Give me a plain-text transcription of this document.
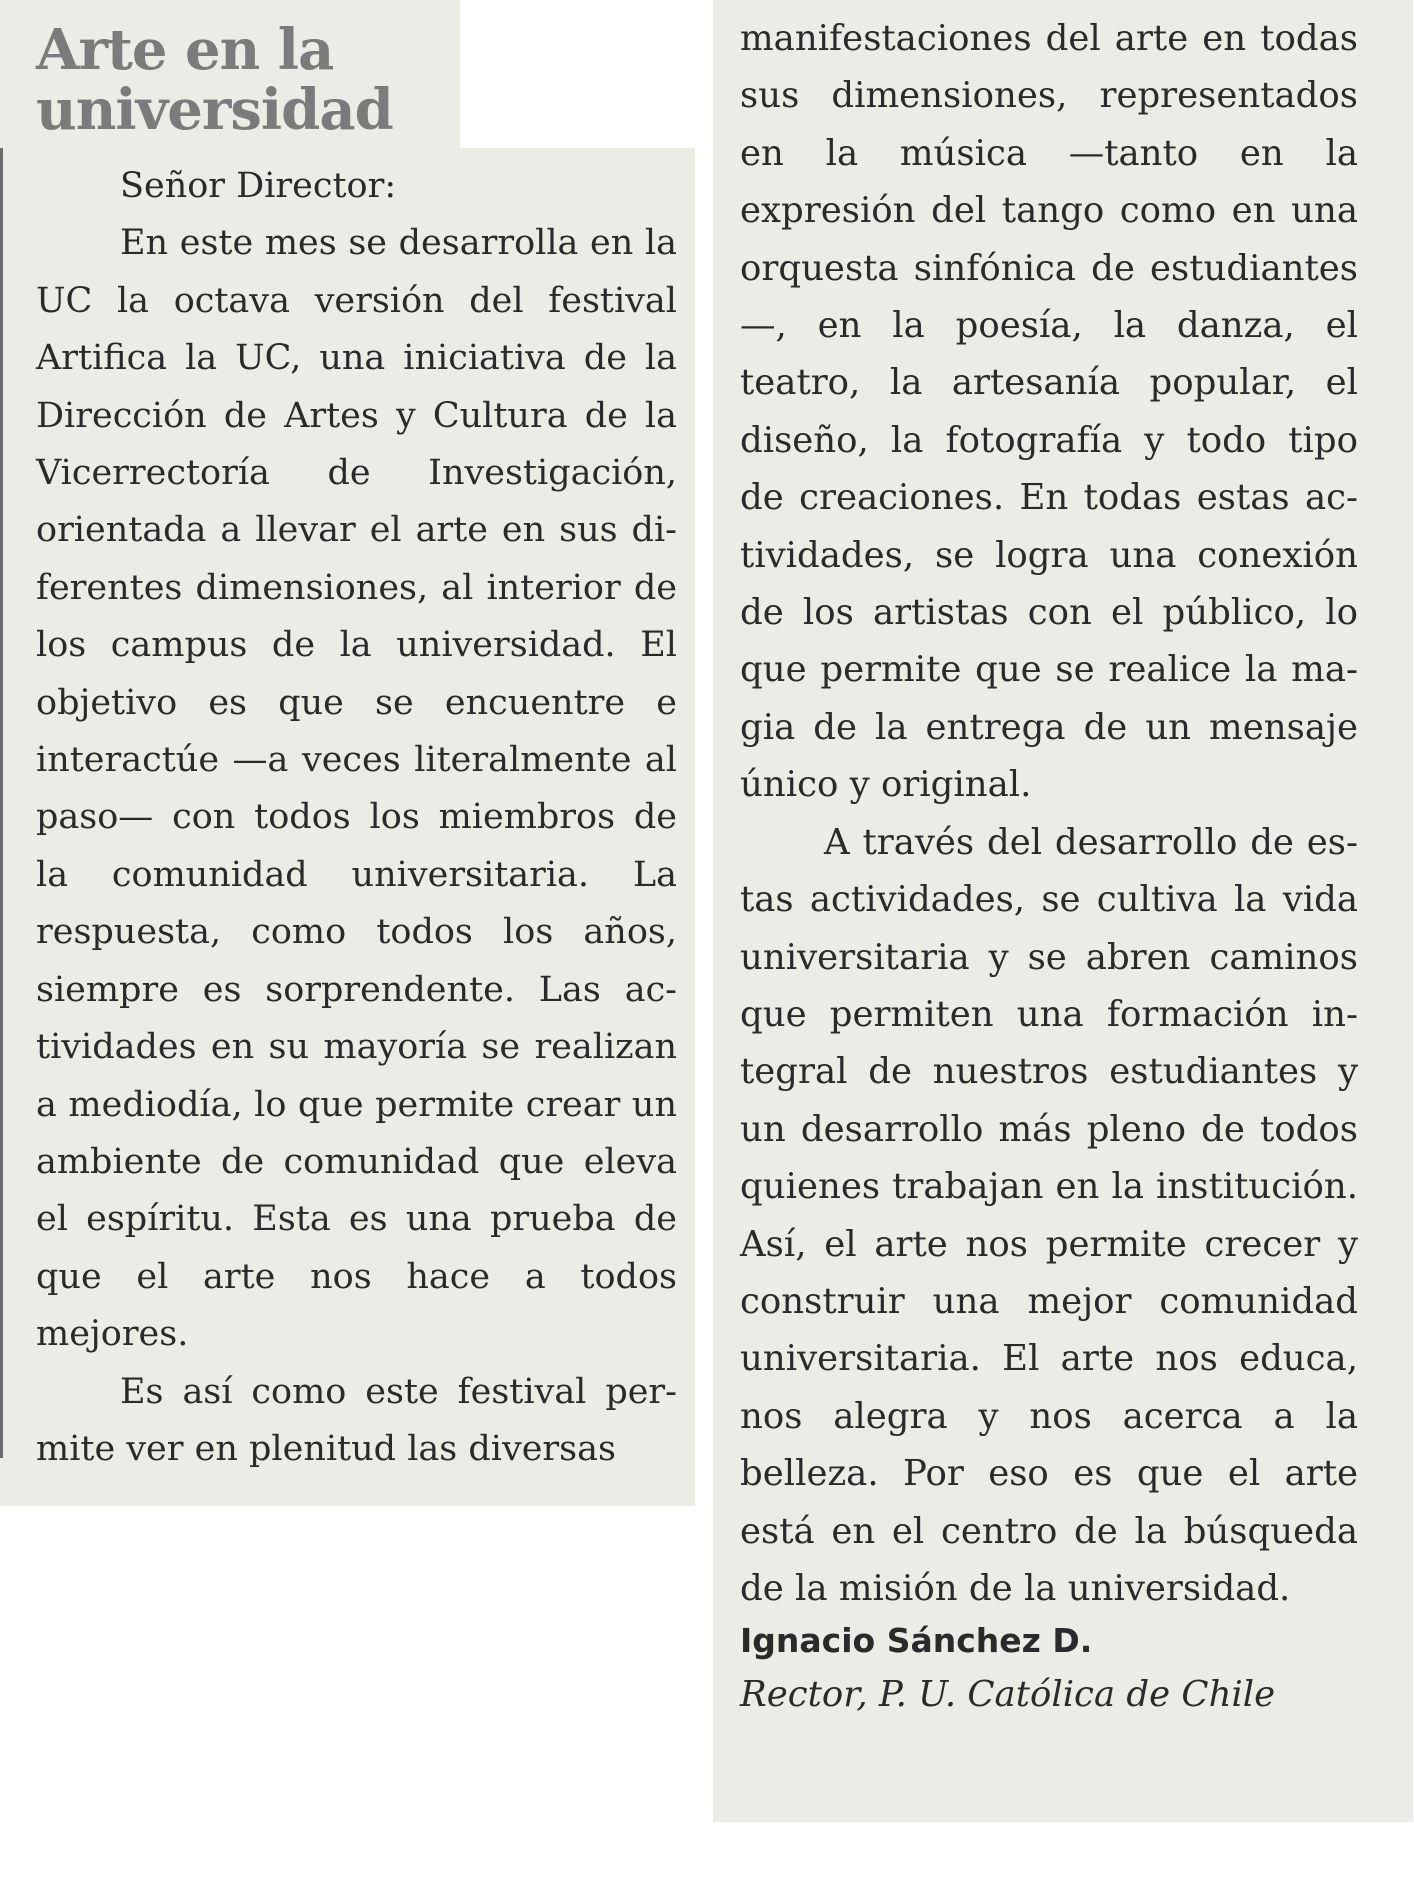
Arte en la
universidad

Señor Director:

En este mes se desarrolla en la UC la octava versión del festival Artifica la UC, una iniciativa de la Dirección de Artes y Cultura de la Vicerrectoría de Investigación, orientada a llevar el arte en sus diferentes dimensiones, al interior de los campus de la universidad. El objetivo es que se encuentre e interactúe —a veces literalmente al paso— con todos los miembros de la comunidad universitaria. La respuesta, como todos los años, siempre es sorprendente. Las actividades en su mayoría se realizan a mediodía, lo que permite crear un ambiente de comunidad que eleva el espíritu. Esta es una prueba de que el arte nos hace a todos mejores.

Es así como este festival permite ver en plenitud las diversas

manifestaciones del arte en todas sus dimensiones, representados en la música —tanto en la expresión del tango como en una orquesta sinfónica de estudiantes—, en la poesía, la danza, el teatro, la artesanía popular, el diseño, la fotografía y todo tipo de creaciones. En todas estas actividades, se logra una conexión de los artistas con el público, lo que permite que se realice la magia de la entrega de un mensaje único y original.

A través del desarrollo de estas actividades, se cultiva la vida universitaria y se abren caminos que permiten una formación integral de nuestros estudiantes y un desarrollo más pleno de todos quienes trabajan en la institución. Así, el arte nos permite crecer y construir una mejor comunidad universitaria. El arte nos educa, nos alegra y nos acerca a la belleza. Por eso es que el arte está en el centro de la búsqueda de la misión de la universidad.

Ignacio Sánchez D.

Rector, P. U. Católica de Chile
